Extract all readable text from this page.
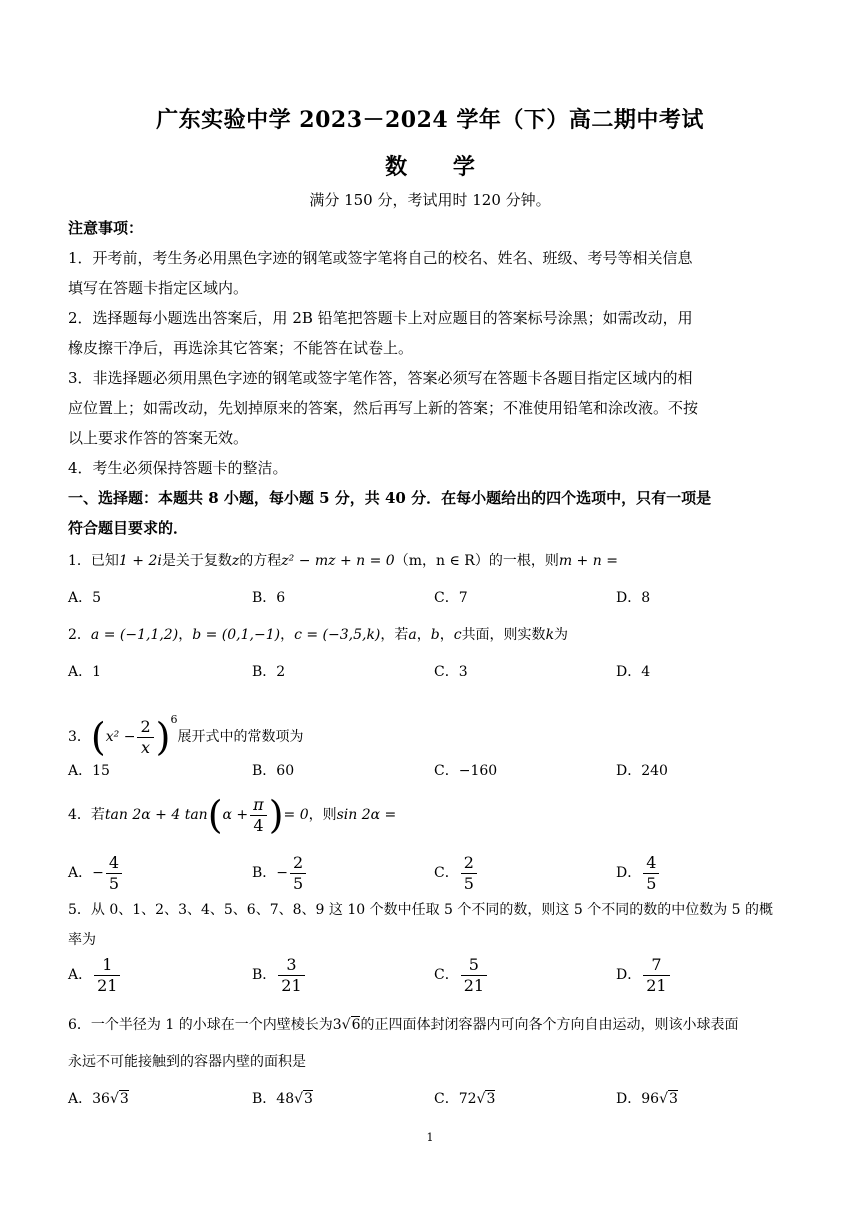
广东实验中学 2023－2024 学年（下）高二期中考试
数 学
满分 150 分，考试用时 120 分钟。
注意事项：
1．开考前，考生务必用黑色字迹的钢笔或签字笔将自己的校名、姓名、班级、考号等相关信息
填写在答题卡指定区域内。
2．选择题每小题选出答案后，用 2B 铅笔把答题卡上对应题目的答案标号涂黑；如需改动，用
橡皮擦干净后，再选涂其它答案；不能答在试卷上。
3．非选择题必须用黑色字迹的钢笔或签字笔作答，答案必须写在答题卡各题目指定区域内的相
应位置上；如需改动，先划掉原来的答案，然后再写上新的答案；不准使用铅笔和涂改液。不按
以上要求作答的答案无效。
4．考生必须保持答题卡的整洁。
一、选择题：本题共 8 小题，每小题 5 分，共 40 分．在每小题给出的四个选项中，只有一项是
符合题目要求的．
1．已知1 + 2i是关于复数z的方程z² − mz + n = 0（m，n ∈ R）的一根，则m + n =
A．5	B．6	C．7	D．8
2．a = (−1,1,2)，b = (0,1,−1)，c = (−3,5,k)，若a，b，c共面，则实数k为
A．1	B．2	C．3	D．4
3．$(x^2 - \frac{2}{x} )^6$展开式中的常数项为
A．15	B．60	C．−160	D．240
4．若tan 2α + 4 $\tan(\alpha + \frac{\pi}{4}$ )= 0，则sin 2α =
A．− $\frac{4}{5}$	B．− $\frac{2}{5}$	C． $\frac{2}{5}$	D． $\frac{4}{5}$
5．从 0、1、2、3、4、5、6、7、8、9 这 10 个数中任取 5 个不同的数，则这 5 个不同的数的中位数为 5 的概
率为
A． $\frac{1}{21}$	B． $\frac{3}{21}$	C． $\frac{5}{21}$	D． $\frac{7}{21}$
6．一个半径为 1 的小球在一个内壁棱长为3√6的正四面体封闭容器内可向各个方向自由运动，则该小球表面
永远不可能接触到的容器内壁的面积是
A．36√3	B．48√3	C．72√3	D．96√3
1
